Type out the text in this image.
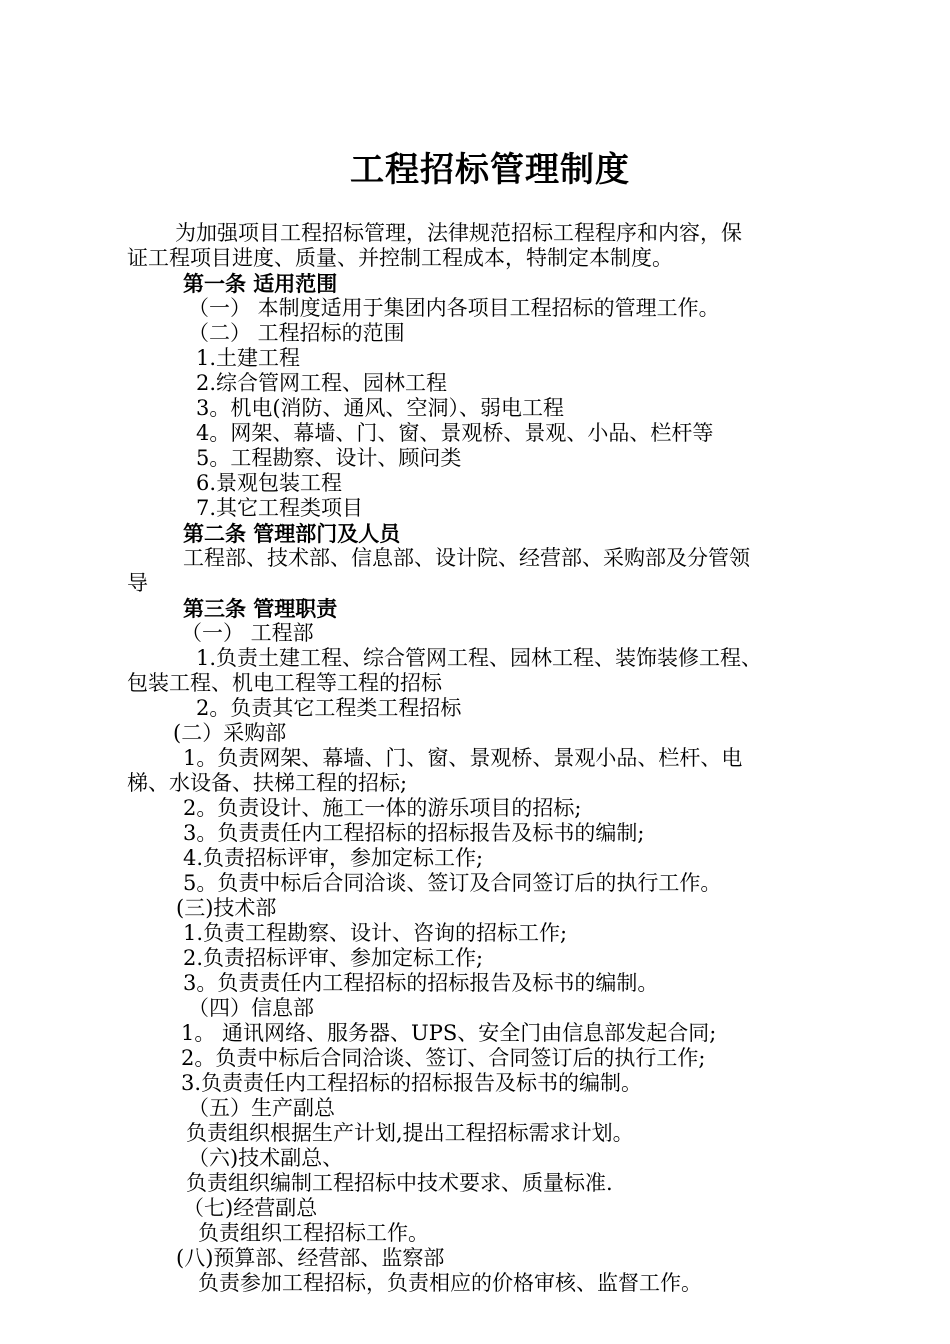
工程招标管理制度
为加强项目工程招标管理，法律规范招标工程程序和内容，保
证工程项目进度、质量、并控制工程成本，特制定本制度。
第一条 适用范围
（一） 本制度适用于集团内各项目工程招标的管理工作。
（二） 工程招标的范围
1.土建工程
2.综合管网工程、园林工程
3。机电(消防、通风、空洞）、弱电工程
4。网架、幕墙、门、窗、景观桥、景观、小品、栏杆等
5。工程勘察、设计、顾问类
6.景观包装工程
7.其它工程类项目
第二条 管理部门及人员
工程部、技术部、信息部、设计院、经营部、采购部及分管领
导
第三条 管理职责
（一） 工程部
1.负责土建工程、综合管网工程、园林工程、装饰装修工程、
包装工程、机电工程等工程的招标
2。负责其它工程类工程招标
(二）采购部
1。负责网架、幕墙、门、窗、景观桥、景观小品、栏杆、电
梯、水设备、扶梯工程的招标;
2。负责设计、施工一体的游乐项目的招标;
3。负责责任内工程招标的招标报告及标书的编制;
4.负责招标评审，参加定标工作;
5。负责中标后合同洽谈、签订及合同签订后的执行工作。
(三)技术部
1.负责工程勘察、设计、咨询的招标工作;
2.负责招标评审、参加定标工作;
3。负责责任内工程招标的招标报告及标书的编制。
（四）信息部
1。 通讯网络、服务器、UPS、安全门由信息部发起合同;
2。负责中标后合同洽谈、签订、合同签订后的执行工作;
3.负责责任内工程招标的招标报告及标书的编制。
（五）生产副总
负责组织根据生产计划,提出工程招标需求计划。
（六)技术副总、
负责组织编制工程招标中技术要求、质量标准.
（七)经营副总
负责组织工程招标工作。
(八)预算部、经营部、监察部
负责参加工程招标，负责相应的价格审核、监督工作。
